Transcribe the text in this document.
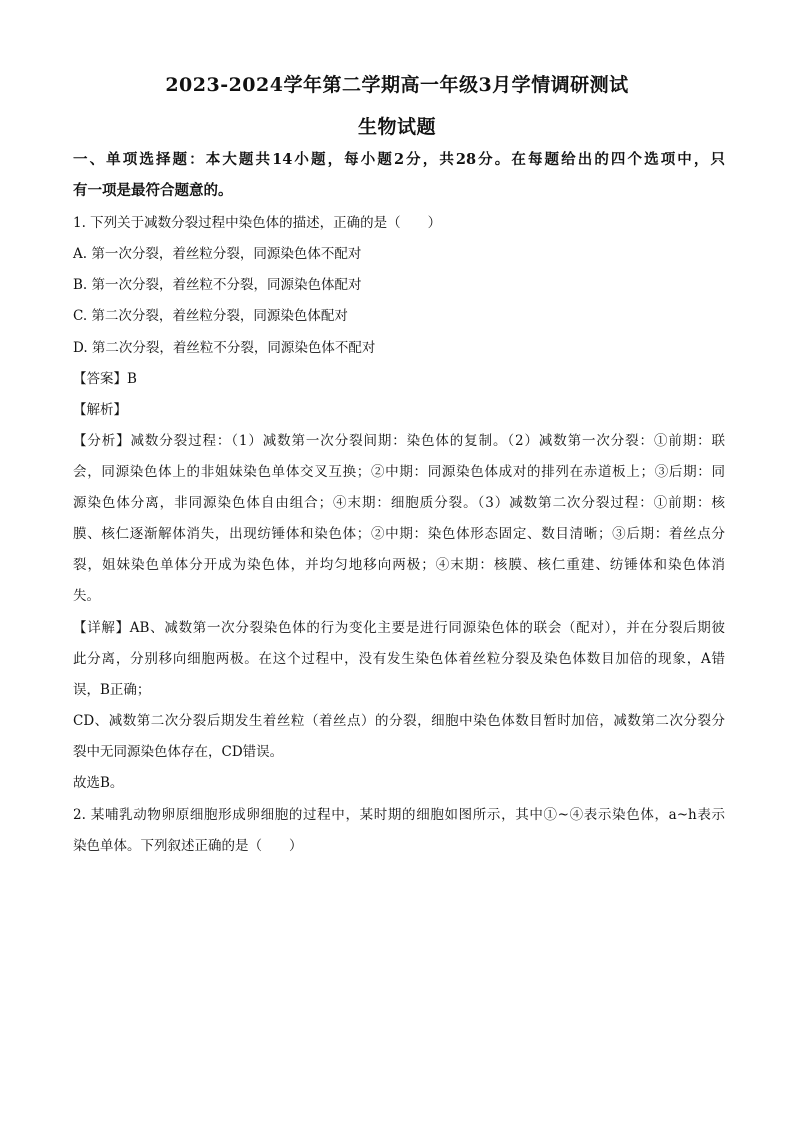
2023-2024学年第二学期高一年级3月学情调研测试
生物试题
一、单项选择题：本大题共14小题，每小题2分，共28分。在每题给出的四个选项中，只
有一项是最符合题意的。
1. 下列关于减数分裂过程中染色体的描述，正确的是（　　）
A. 第一次分裂，着丝粒分裂，同源染色体不配对
B. 第一次分裂，着丝粒不分裂，同源染色体配对
C. 第二次分裂，着丝粒分裂，同源染色体配对
D. 第二次分裂，着丝粒不分裂，同源染色体不配对
【答案】B
【解析】
【分析】减数分裂过程：（1）减数第一次分裂间期：染色体的复制。（2）减数第一次分裂：①前期：联
会，同源染色体上的非姐妹染色单体交叉互换；②中期：同源染色体成对的排列在赤道板上；③后期：同
源染色体分离，非同源染色体自由组合；④末期：细胞质分裂。（3）减数第二次分裂过程：①前期：核
膜、核仁逐渐解体消失，出现纺锤体和染色体；②中期：染色体形态固定、数目清晰；③后期：着丝点分
裂，姐妹染色单体分开成为染色体，并均匀地移向两极；④末期：核膜、核仁重建、纺锤体和染色体消
失。
【详解】AB、减数第一次分裂染色体的行为变化主要是进行同源染色体的联会（配对），并在分裂后期彼
此分离，分别移向细胞两极。在这个过程中，没有发生染色体着丝粒分裂及染色体数目加倍的现象，A错
误，B正确；
CD、减数第二次分裂后期发生着丝粒（着丝点）的分裂，细胞中染色体数目暂时加倍，减数第二次分裂分
裂中无同源染色体存在，CD错误。
故选B。
2. 某哺乳动物卵原细胞形成卵细胞的过程中，某时期的细胞如图所示，其中①~④表示染色体，a~h表示
染色单体。下列叙述正确的是（　　）
